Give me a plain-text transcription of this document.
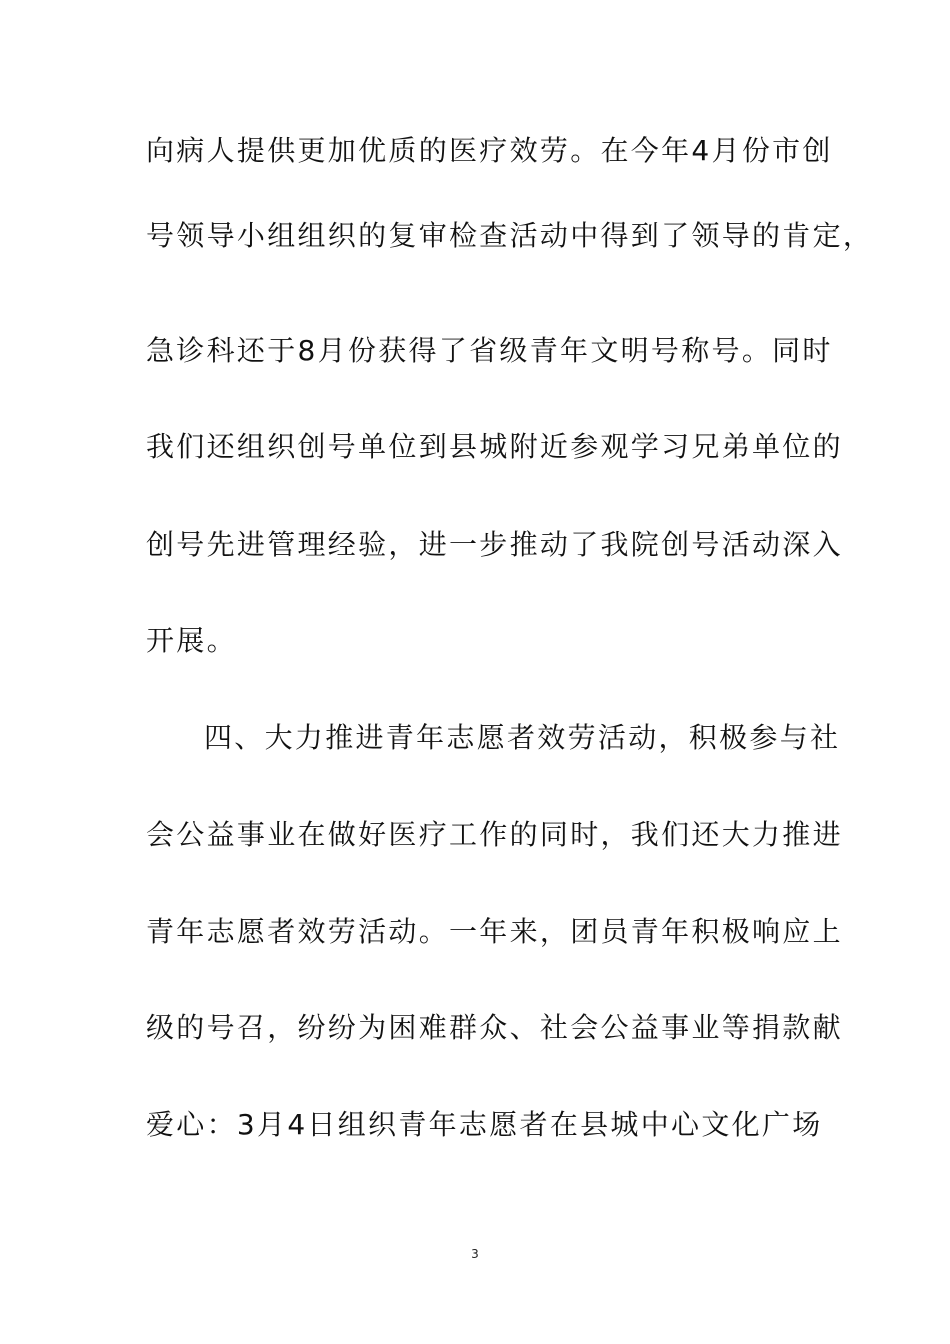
向病人提供更加优质的医疗效劳。在今年4月份市创
号领导小组组织的复审检查活动中得到了领导的肯定，
急诊科还于8月份获得了省级青年文明号称号。同时
我们还组织创号单位到县城附近参观学习兄弟单位的
创号先进管理经验，进一步推动了我院创号活动深入
开展。
四、大力推进青年志愿者效劳活动，积极参与社
会公益事业在做好医疗工作的同时，我们还大力推进
青年志愿者效劳活动。一年来，团员青年积极响应上
级的号召，纷纷为困难群众、社会公益事业等捐款献
爱心：3月4日组织青年志愿者在县城中心文化广场
3
